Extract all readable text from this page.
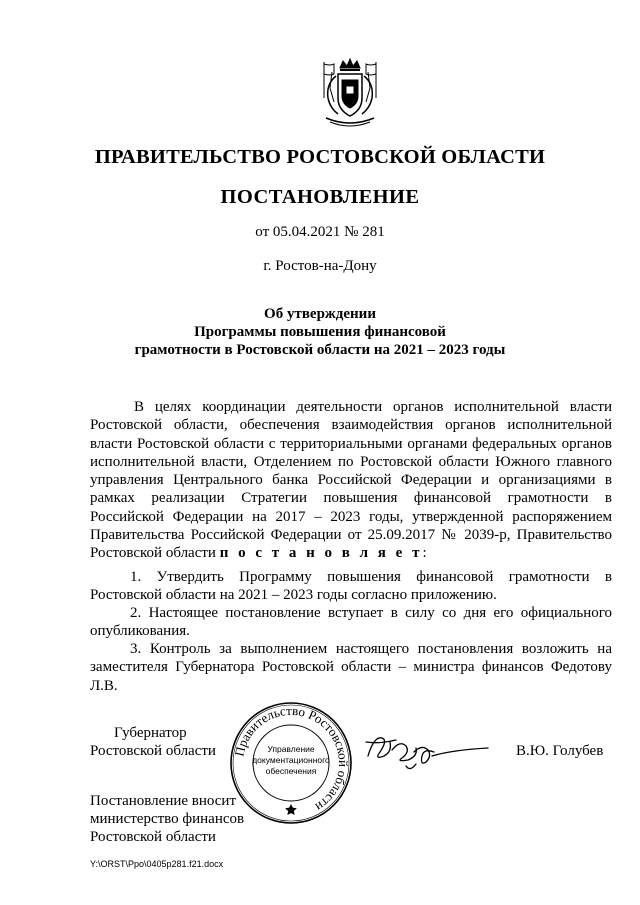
ПРАВИТЕЛЬСТВО РОСТОВСКОЙ ОБЛАСТИ
ПОСТАНОВЛЕНИЕ
от 05.04.2021 № 281
г. Ростов-на-Дону
Об утверждении
Программы повышения финансовой
грамотности в Ростовской области на 2021 – 2023 годы
В целях координации деятельности органов исполнительной власти Ростовской области, обеспечения взаимодействия органов исполнительной власти Ростовской области с территориальными органами федеральных органов исполнительной власти, Отделением по Ростовской области Южного главного управления Центрального банка Российской Федерации и организациями в рамках реализации Стратегии повышения финансовой грамотности в Российской Федерации на 2017 – 2023 годы, утвержденной распоряжением Правительства Российской Федерации от 25.09.2017 № 2039-р, Правительство Ростовской области п о с т а н о в л я е т:
1. Утвердить Программу повышения финансовой грамотности в Ростовской области на 2021 – 2023 годы согласно приложению.
2. Настоящее постановление вступает в силу со дня его официального опубликования.
3. Контроль за выполнением настоящего постановления возложить на заместителя Губернатора Ростовской области – министра финансов Федотову Л.В.
Губернатор
Ростовской области	В.Ю. Голубев
Правительство Ростовской области
Управление
документационного
обеспечения
Постановление вносит
министерство финансов
Ростовской области
Y:\ORST\Ppo\0405p281.f21.docx
